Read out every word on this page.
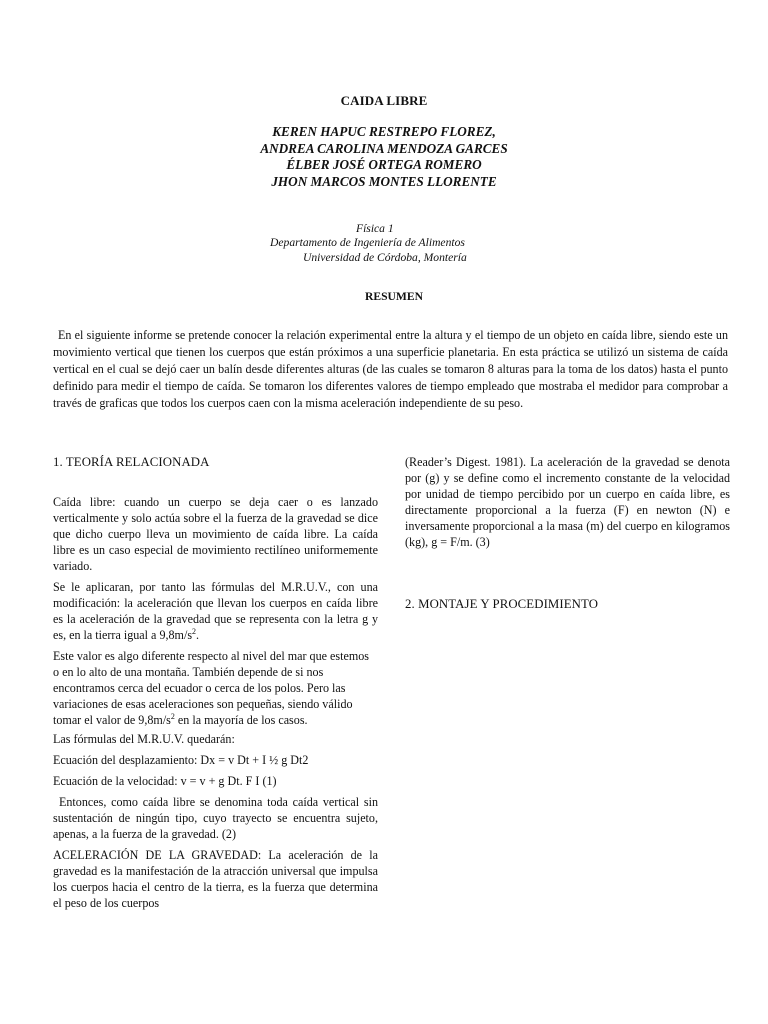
CAIDA LIBRE
KEREN HAPUC RESTREPO FLOREZ,
ANDREA CAROLINA MENDOZA GARCES
ÉLBER JOSÉ ORTEGA ROMERO
JHON MARCOS MONTES LLORENTE
Física 1
Departamento de Ingeniería de Alimentos
Universidad de Córdoba, Montería
RESUMEN
En el siguiente informe se pretende conocer la relación experimental entre la altura y el tiempo de un objeto en caída libre, siendo este un movimiento vertical que tienen los cuerpos que están próximos a una superficie planetaria. En esta práctica se utilizó un sistema de caída vertical en el cual se dejó caer un balín desde diferentes alturas (de las cuales se tomaron 8 alturas para la toma de los datos) hasta el punto definido para medir el tiempo de caída. Se tomaron los diferentes valores de tiempo empleado que mostraba el medidor para comprobar a través de graficas que todos los cuerpos caen con la misma aceleración independiente de su peso.
1. TEORÍA RELACIONADA

Caída libre: cuando un cuerpo se deja caer o es lanzado verticalmente y solo actúa sobre el la fuerza de la gravedad se dice que dicho cuerpo lleva un movimiento de caída libre. La caída libre es un caso especial de movimiento rectilíneo uniformemente variado.

Se le aplicaran, por tanto las fórmulas del M.R.U.V., con una modificación: la aceleración que llevan los cuerpos en caída libre es la aceleración de la gravedad que se representa con la letra g y es, en la tierra igual a $9,8m/s^2$.

Este valor es algo diferente respecto al nivel del mar que estemos o en lo alto de una montaña. También depende de si nos encontramos cerca del ecuador o cerca de los polos. Pero las variaciones de esas aceleraciones son pequeñas, siendo válido tomar el valor de $9,8m/s^2$ en la mayoría de los casos.

Las fórmulas del M.R.U.V. quedarán:

Ecuación del desplazamiento: Dx = v Dt + I ½ g Dt2

Ecuación de la velocidad: v = v + g Dt. F I (1)

Entonces, como caída libre se denomina toda caída vertical sin sustentación de ningún tipo, cuyo trayecto se encuentra sujeto, apenas, a la fuerza de la gravedad. (2)

ACELERACIÓN DE LA GRAVEDAD: La aceleración de la gravedad es la manifestación de la atracción universal que impulsa los cuerpos hacia el centro de la tierra, es la fuerza que determina el peso de los cuerpos

(Reader’s Digest. 1981). La aceleración de la gravedad se denota por (g) y se define como el incremento constante de la velocidad por unidad de tiempo percibido por un cuerpo en caída libre, es directamente proporcional a la fuerza (F) en newton (N) e inversamente proporcional a la masa (m) del cuerpo en kilogramos (kg), g = F/m. (3)

2. MONTAJE Y PROCEDIMIENTO
